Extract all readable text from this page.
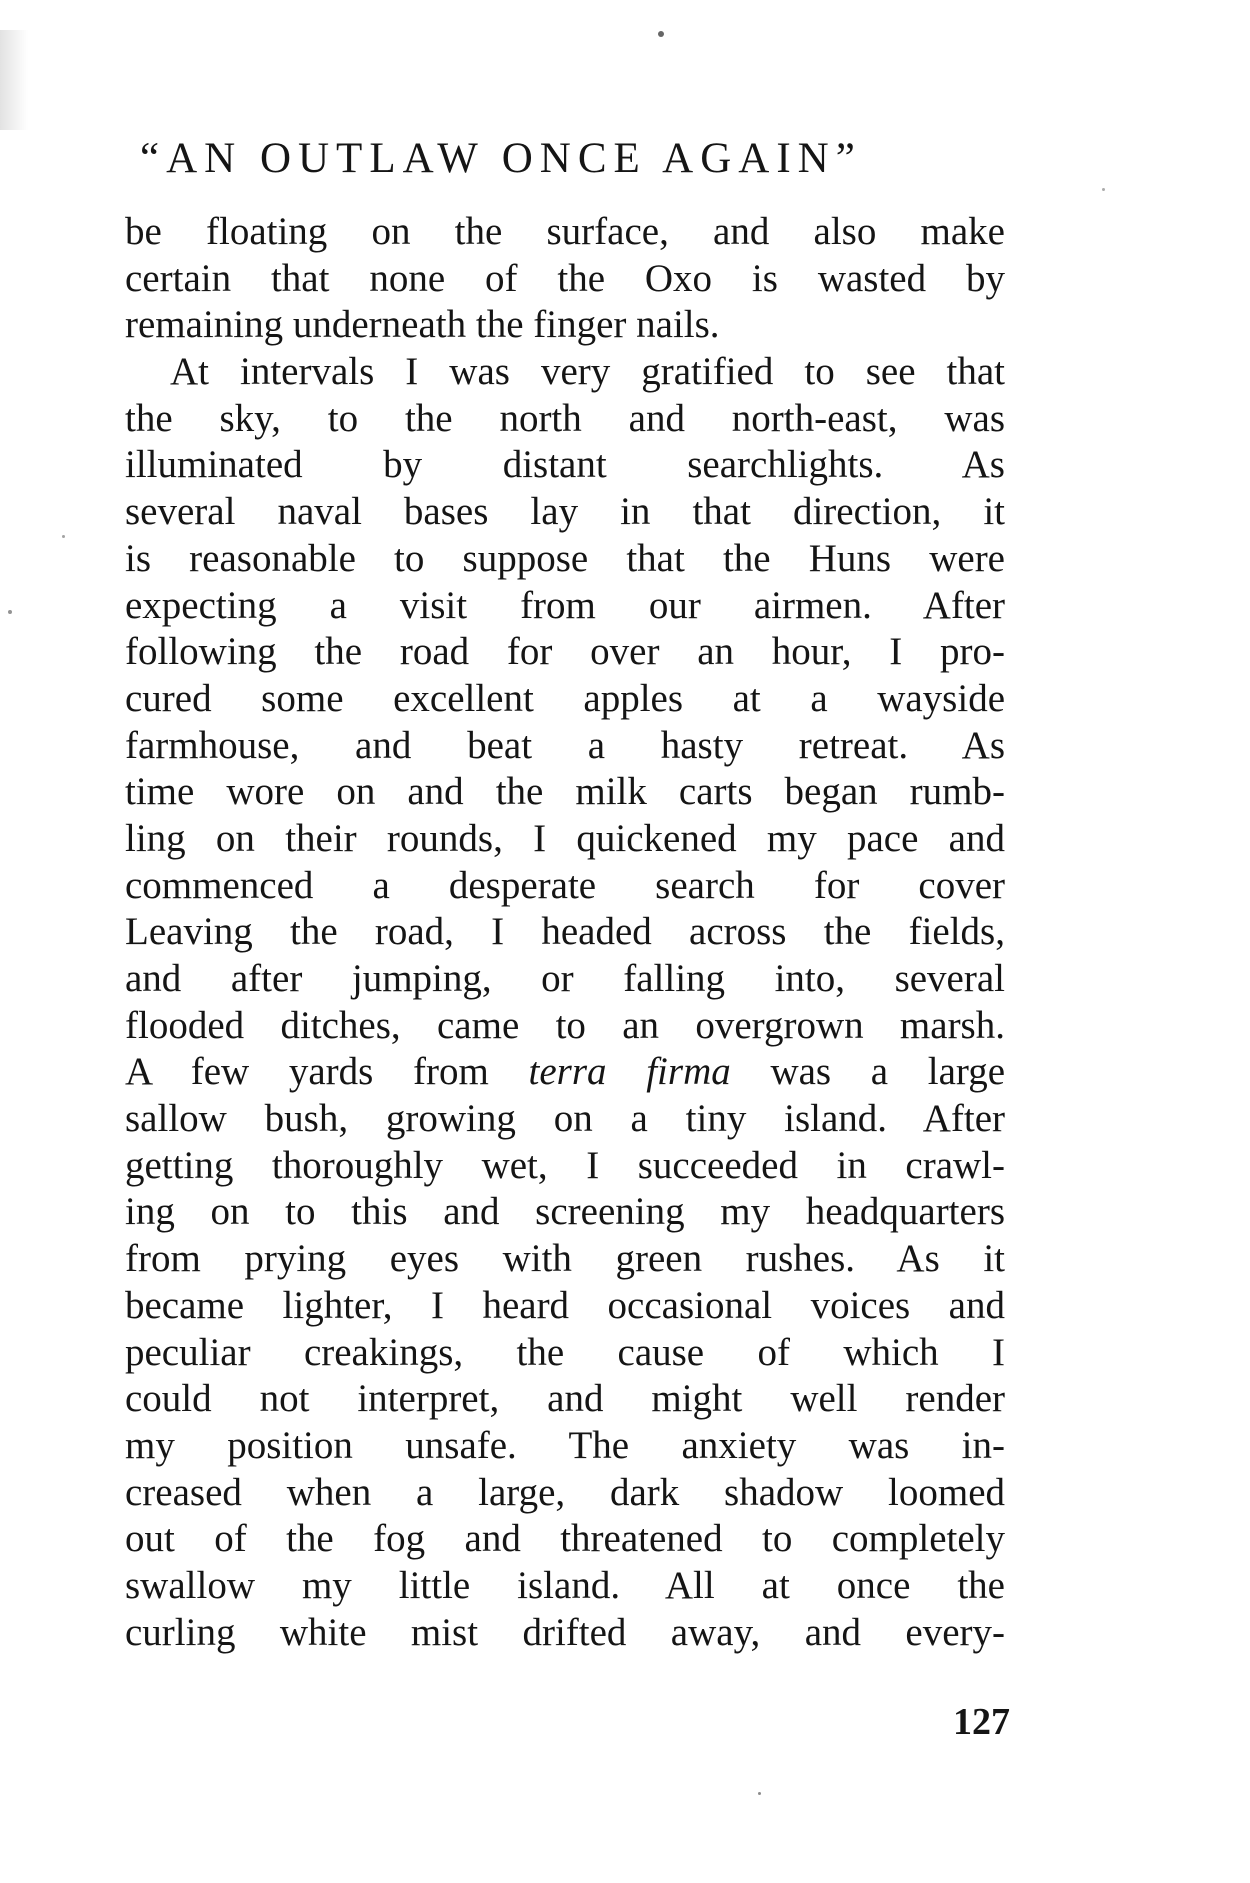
“AN OUTLAW ONCE AGAIN”
be floating on the surface, and also make
certain that none of the Oxo is wasted by
remaining underneath the finger nails.
At intervals I was very gratified to see that
the sky, to the north and north-east, was
illuminated by distant searchlights. As
several naval bases lay in that direction, it
is reasonable to suppose that the Huns were
expecting a visit from our airmen. After
following the road for over an hour, I pro-
cured some excellent apples at a wayside
farmhouse, and beat a hasty retreat. As
time wore on and the milk carts began rumb-
ling on their rounds, I quickened my pace and
commenced a desperate search for cover
Leaving the road, I headed across the fields,
and after jumping, or falling into, several
flooded ditches, came to an overgrown marsh.
A few yards from terra firma was a large
sallow bush, growing on a tiny island. After
getting thoroughly wet, I succeeded in crawl-
ing on to this and screening my headquarters
from prying eyes with green rushes. As it
became lighter, I heard occasional voices and
peculiar creakings, the cause of which I
could not interpret, and might well render
my position unsafe. The anxiety was in-
creased when a large, dark shadow loomed
out of the fog and threatened to completely
swallow my little island. All at once the
curling white mist drifted away, and every-
127
